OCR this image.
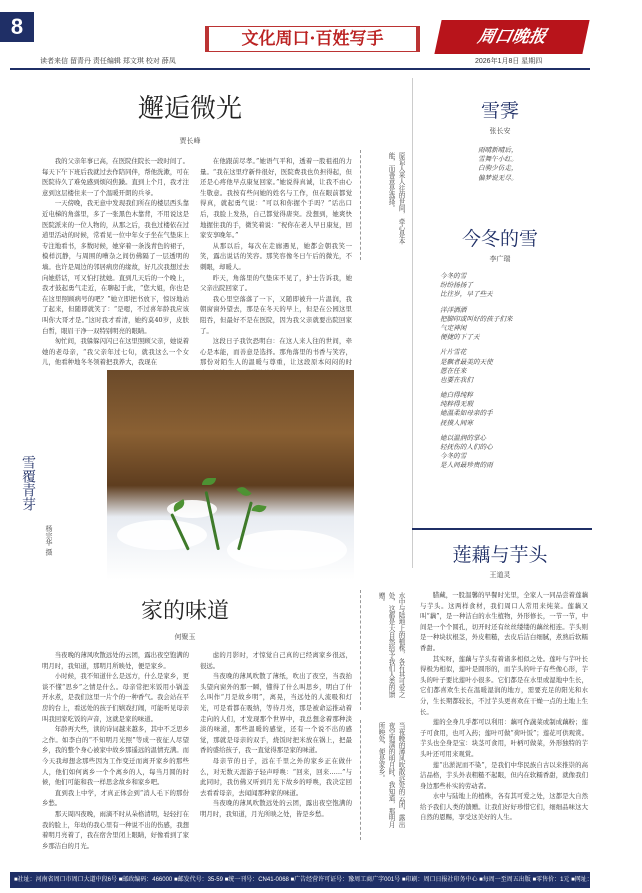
8
读者来信 留青丹 责任编辑 郑文琪 校对 薛凤
文化周口·百姓写手	周口晚报
2026年1月8日 星期四
邂逅微光
贾长峰

我的父亲年事已高，在医院住院长一段时间了。每天下午下班后我就过去作陪同伴，帮他洗漱，可在医院待久了难免感到烦闷焦躁。直到上个月，我才注意到这层楼住来一了个温暖开朗的兵爷。

一天傍晚，我无意中发现我们所在的楼层西头靠近电梯的角落里，多了一张黑色木靠背，不用说这是医院派来的一位人物的，从那之后，我也过楼依在过道里活动的时候，常看见一位中年女子坐在气垫床上专注地看书，多数时候，她穿着一条浅青色的裙子，模样沉静，与周围的嘈杂之间仿佛隔了一层透明的墙。也许是周边的邻居病房的缘故，好几次我想过去向她搭话，可又怕打扰她。直到几天后的一个晚上，我才鼓起勇气走近，在聊起于此，“您大姐，你也是在这里照顾病号的吧？”她立即把书放下，惊讶地站了起来，但随即就笑了：“是嗯，不过喜年龄我应该叫你大哥才是。”这时我才看清，她约莫40岁，皮肤白皙，眼眉干净一双特别明亮的眼睛。

匆忙间，我躲躲闪闪已在这里照顾父亲，她说着她的老母亲，“我父亲年过七旬，就我这么一个女儿，他看种地冬冬领着把我养大，我现在

在他跟前尽孝。”她语气平和，透着一股祖祖的力量。“我在这里疗新件很好，医院费我也负担得起，但还是心疼他早点康复回家。”她说得真诚，让我不由心生敬意。我按有些问她的姓名与工作，但在眼前都觉得真，就起勇气说：“可以和你握个手吗？”话出口后，我脸上发热，自己都觉得唐突。没想到，她爽快地握住我的手，微笑着说：“祝你在老人早日康复，回家安享晚年。”

从那以后，每次在走廊遇见，她都会朝我笑一笑，露出说话的笑容。那笑容像冬日午后的微光，不刺眼，却暖人。

昨天，角落里的气垫床不见了，护士告诉我，她父亲出院回家了。

我心里空落落了一下，又随即被升一片温润，我朝窗窗外望去，那是在冬天的早上，但是在公园这里阻吞，但最好不是在医院，因为我父亲就要出院回家了。

这段日子我饮恐明白：在这人来人往的世间，牵心是本能，而善意是选择。那角落里的书香与笑容，那份对陌生人的温暖与尊重，让这段原本闷闷的时

原谅人来人往的世间，牵心是本能，而善意是选择。
雪覆青芽
杨宗华 摄
家的味道
何聚玉

当夜晚的薄风吹散远处的云团，露出夜空饱满的明月时，我知道，那明月所映处，便是家乡。

小时候，我不知道什么是远方，什么是家乡，更谈不懂“思乡”之情是什么。母亲常把米饭用小锅盖开水煮，是我们这里一片个的一种香气。我会站在平房的台上，看远处的孩子们嬉戏打闹，可能听见母亲叫我回家吃饭的声音，这就是家的味道。

年龄再大些，读的诗词越来越多，其中不乏思乡之作。如李白的“不知明月光照”等成一夜征人尽望乡，我的整个身心被家中故乡那遥远的温情充满。而今天我却想念那些因为工作变迁而离开家乡的那些人，他们如何离乡一个个离乡的人，每当月圆的时候，他们可能和我一样思念故乡和家乡吧。

直到我上中学，才真正体会到“消人毛下的那份乡愁。

那天周四夜晚，雨滴不时从朵格清明，轻轻打在我的脸上，年幼的我心里有一种说不出的伤感，我想着明月亮着了，我在宿舍里闭上眼睛，好像看到了家乡那洁白的月光。

虑的月影时，才惊觉自己真的已经离家乡很远，很远。

当夜晚的薄风吹散了薄纸，吹出了夜空，当我抬头望向窗外的那一瞬，懂得了什么叫思乡，明白了什么叫作“月是故乡明”，离晃，当远处的人流吸和灯光，可是看都在吸纳，等待月亮，那是被命运推动着走向的人们，才发现那个世界中，我总想念着那种淡淡的味道，那些温暖的感觉，还有一个说不出的感觉，那就是母亲的双手，烧饭时把米放在锅上，把最香的盛给孩子，我一直觉得那是家的味道。

母亲节的日子，远在千里之外的家乡正在做什么，对无数天涯游子轻声呼唤：“回来，回来……”与此同时，我仿佛又听到月光下故乡的呼唤，我决定回去看看母亲，去闻闻那种家的味道。

当夜晚的薄风吹散远处的云团，露出夜空饱满的明月时，我知道，月光所映之处，皆是乡愁。

水中与陆地上的植株，各有其可爱之处，这都是大自然给予我们人类的馈赠。
当夜晚的薄风吹散远处的云团，露出夜空饱满的明月时，我知道，那明月所映处，便是家乡。
雪霁
张长安
雨晴新晴后，
雪舞午小红。
白驹少仿走，
偏梦说无尽。
今冬的雪
李广瑞
今冬的雪
纷纷扬扬了
比往岁，早了些天
洋洋洒洒
把脚印或叫好的孩子们来
气定神闲
便捷的下了天
片片雪花
是飘者最美的天使
愿在任来
也要在我们
她白得纯粹
纯粹得无瑕
她温柔如母亲的手
抚摸人间寒
她以温润的掌心
轻抚伤的人们的心
今冬的雪
是人间最珍贵的雨
莲藕与芋头
王道灵

腊藏，一股温馨的早餐时光里，全家人一同品尝着莲藕与芋头。这两样食材，我们周口人常用来炖菜。莲藕又叫“藕”，是一种洁白的水生植物，外形修长，一节一节，中间是一个个圆孔，切开时还有丝丝缕缕的藕丝相连。芋头则是一种块状根茎，外皮粗糙，去皮后洁白细腻，煮熟后软糯香甜。

其实呀，莲藕与芋头有着诸多相似之处。莲叶与芋叶长得极为相似，莲叶是圆形的，而芋头的叶子有些像心形，芋头的叶子要比莲叶小很多。它们都是在水里或湿地中生长，它们都喜欢生长在温暖湿润的地方，需要充足的阳光和水分，生长期都较长，不过芋头更喜欢在干燥一点的土地上生长。

莲的全身几乎都可以利用：藕可作蔬菜或制成藕粉；莲子可食用，也可入药；莲叶可做“荷叶饭”；莲花可供观赏。芋头也全身是宝：块茎可食用，叶柄可做菜，外形独特的芋头叶还可用来观赏。

莲“出淤泥而不染”，是我们中华民族自古以来推崇的高洁品格，芋头外表粗糙不起眼，但内在软糯香甜，就像我们身边那些朴实的劳动者。

水中与陆地上的植株，各有其可爱之处，这都是大自然给予我们人类的馈赠。让我们好好珍惜它们，细细品味这大自然的恩赐，享受这美好的人生。

■社址：河南省周口市周口大道中段6号 ■邮政编码：466000 ■邮发代号：35-59 ■统一刊号：CN41-0068 ■广告经营许可证号：豫周工商广字001号 ■印刷：周口日报社印务中心 ■每周一至周五出版 ■零售价：1元 ■网址：www.zkwb.com.cn
